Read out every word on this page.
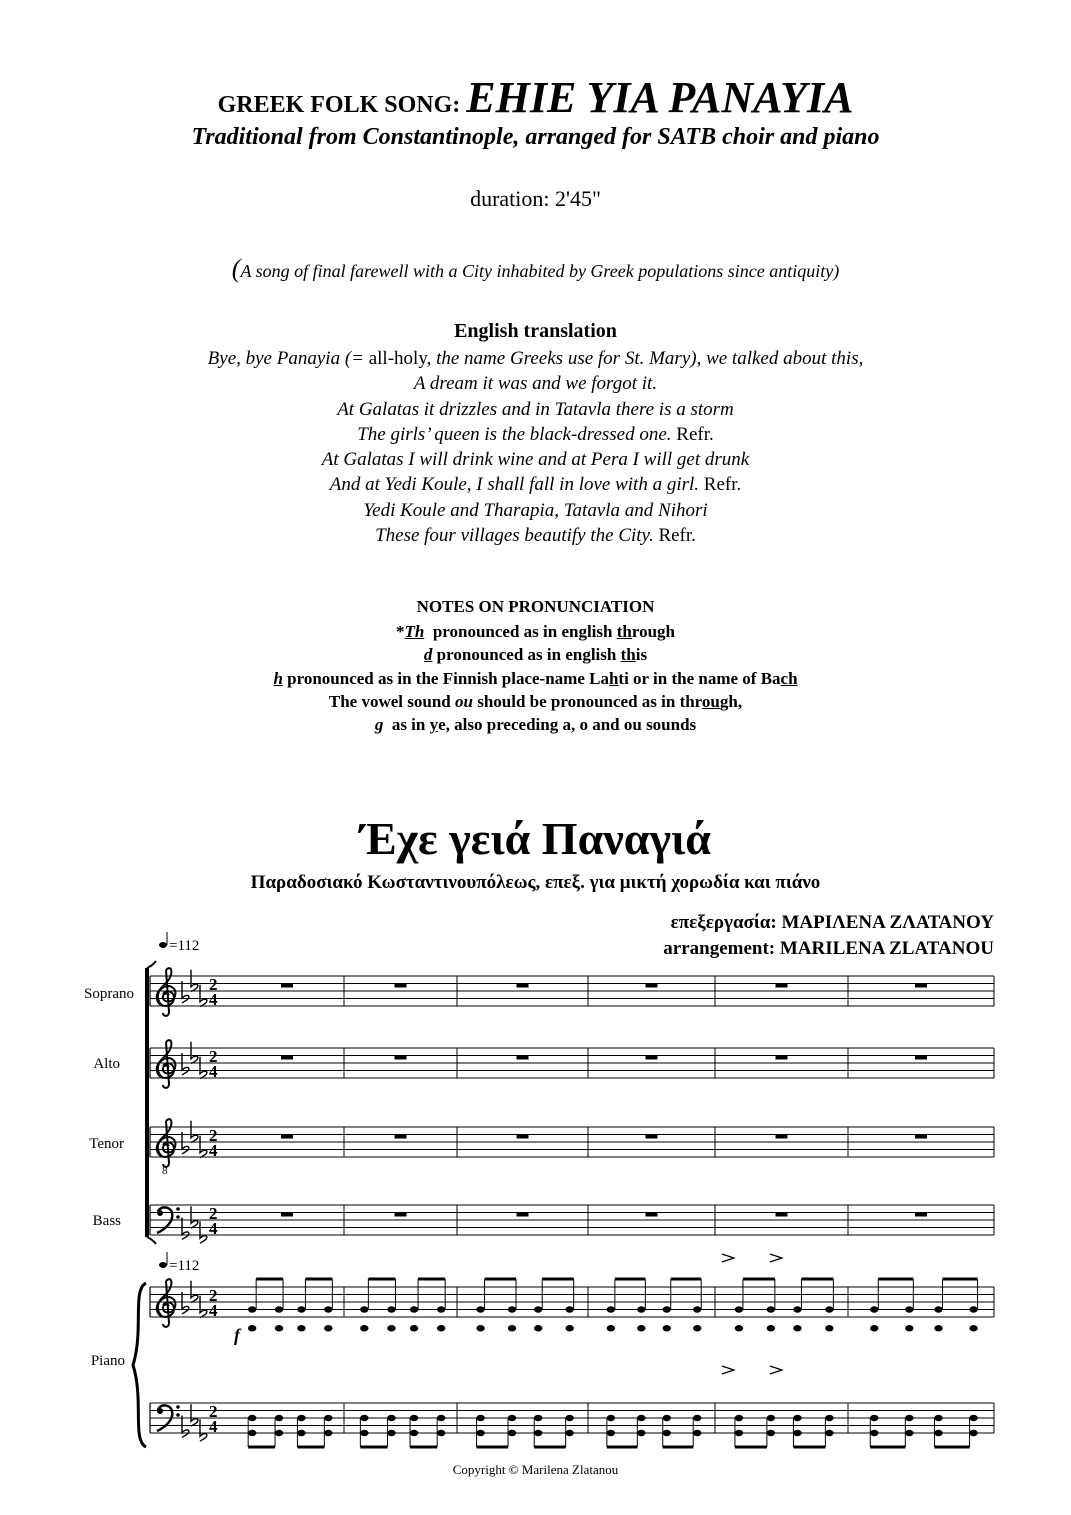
GREEK FOLK SONG: EHIE YIA PANAYIA
Traditional from Constantinople, arranged for SATB choir and piano
duration: 2'45"
(A song of final farewell with a City inhabited by Greek populations since antiquity)
English translation
Bye, bye Panayia (= all-holy, the name Greeks use for St. Mary), we talked about this,
A dream it was and we forgot it.
At Galatas it drizzles and in Tatavla there is a storm
The girls’ queen is the black-dressed one. Refr.
At Galatas I will drink wine and at Pera I will get drunk
And at Yedi Koule, I shall fall in love with a girl. Refr.
Yedi Koule and Tharapia, Tatavla and Nihori
These four villages beautify the City. Refr.
NOTES ON PRONUNCIATION
*Th  pronounced as in english through
d pronounced as in english this
h pronounced as in the Finnish place-name Lahti or in the name of Bach
The vowel sound ou should be pronounced as in through,
g  as in ye, also preceding a, o and ou sounds
Έχε γειά Παναγιά
Παραδοσιακό Κωσταντινουπόλεως, επεξ. για μικτή χορωδία και πιάνο
επεξεργασία: ΜΑΡΙΛΕΝΑ ΖΛΑΤΑΝΟΥ
arrangement: MARILENA ZLATANOU
=112
=112
Soprano
Alto
Tenor
Bass
Piano
2
4
2
4
8
2
4
2
4
2
4
2
4
f
Copyright © Marilena Zlatanou
